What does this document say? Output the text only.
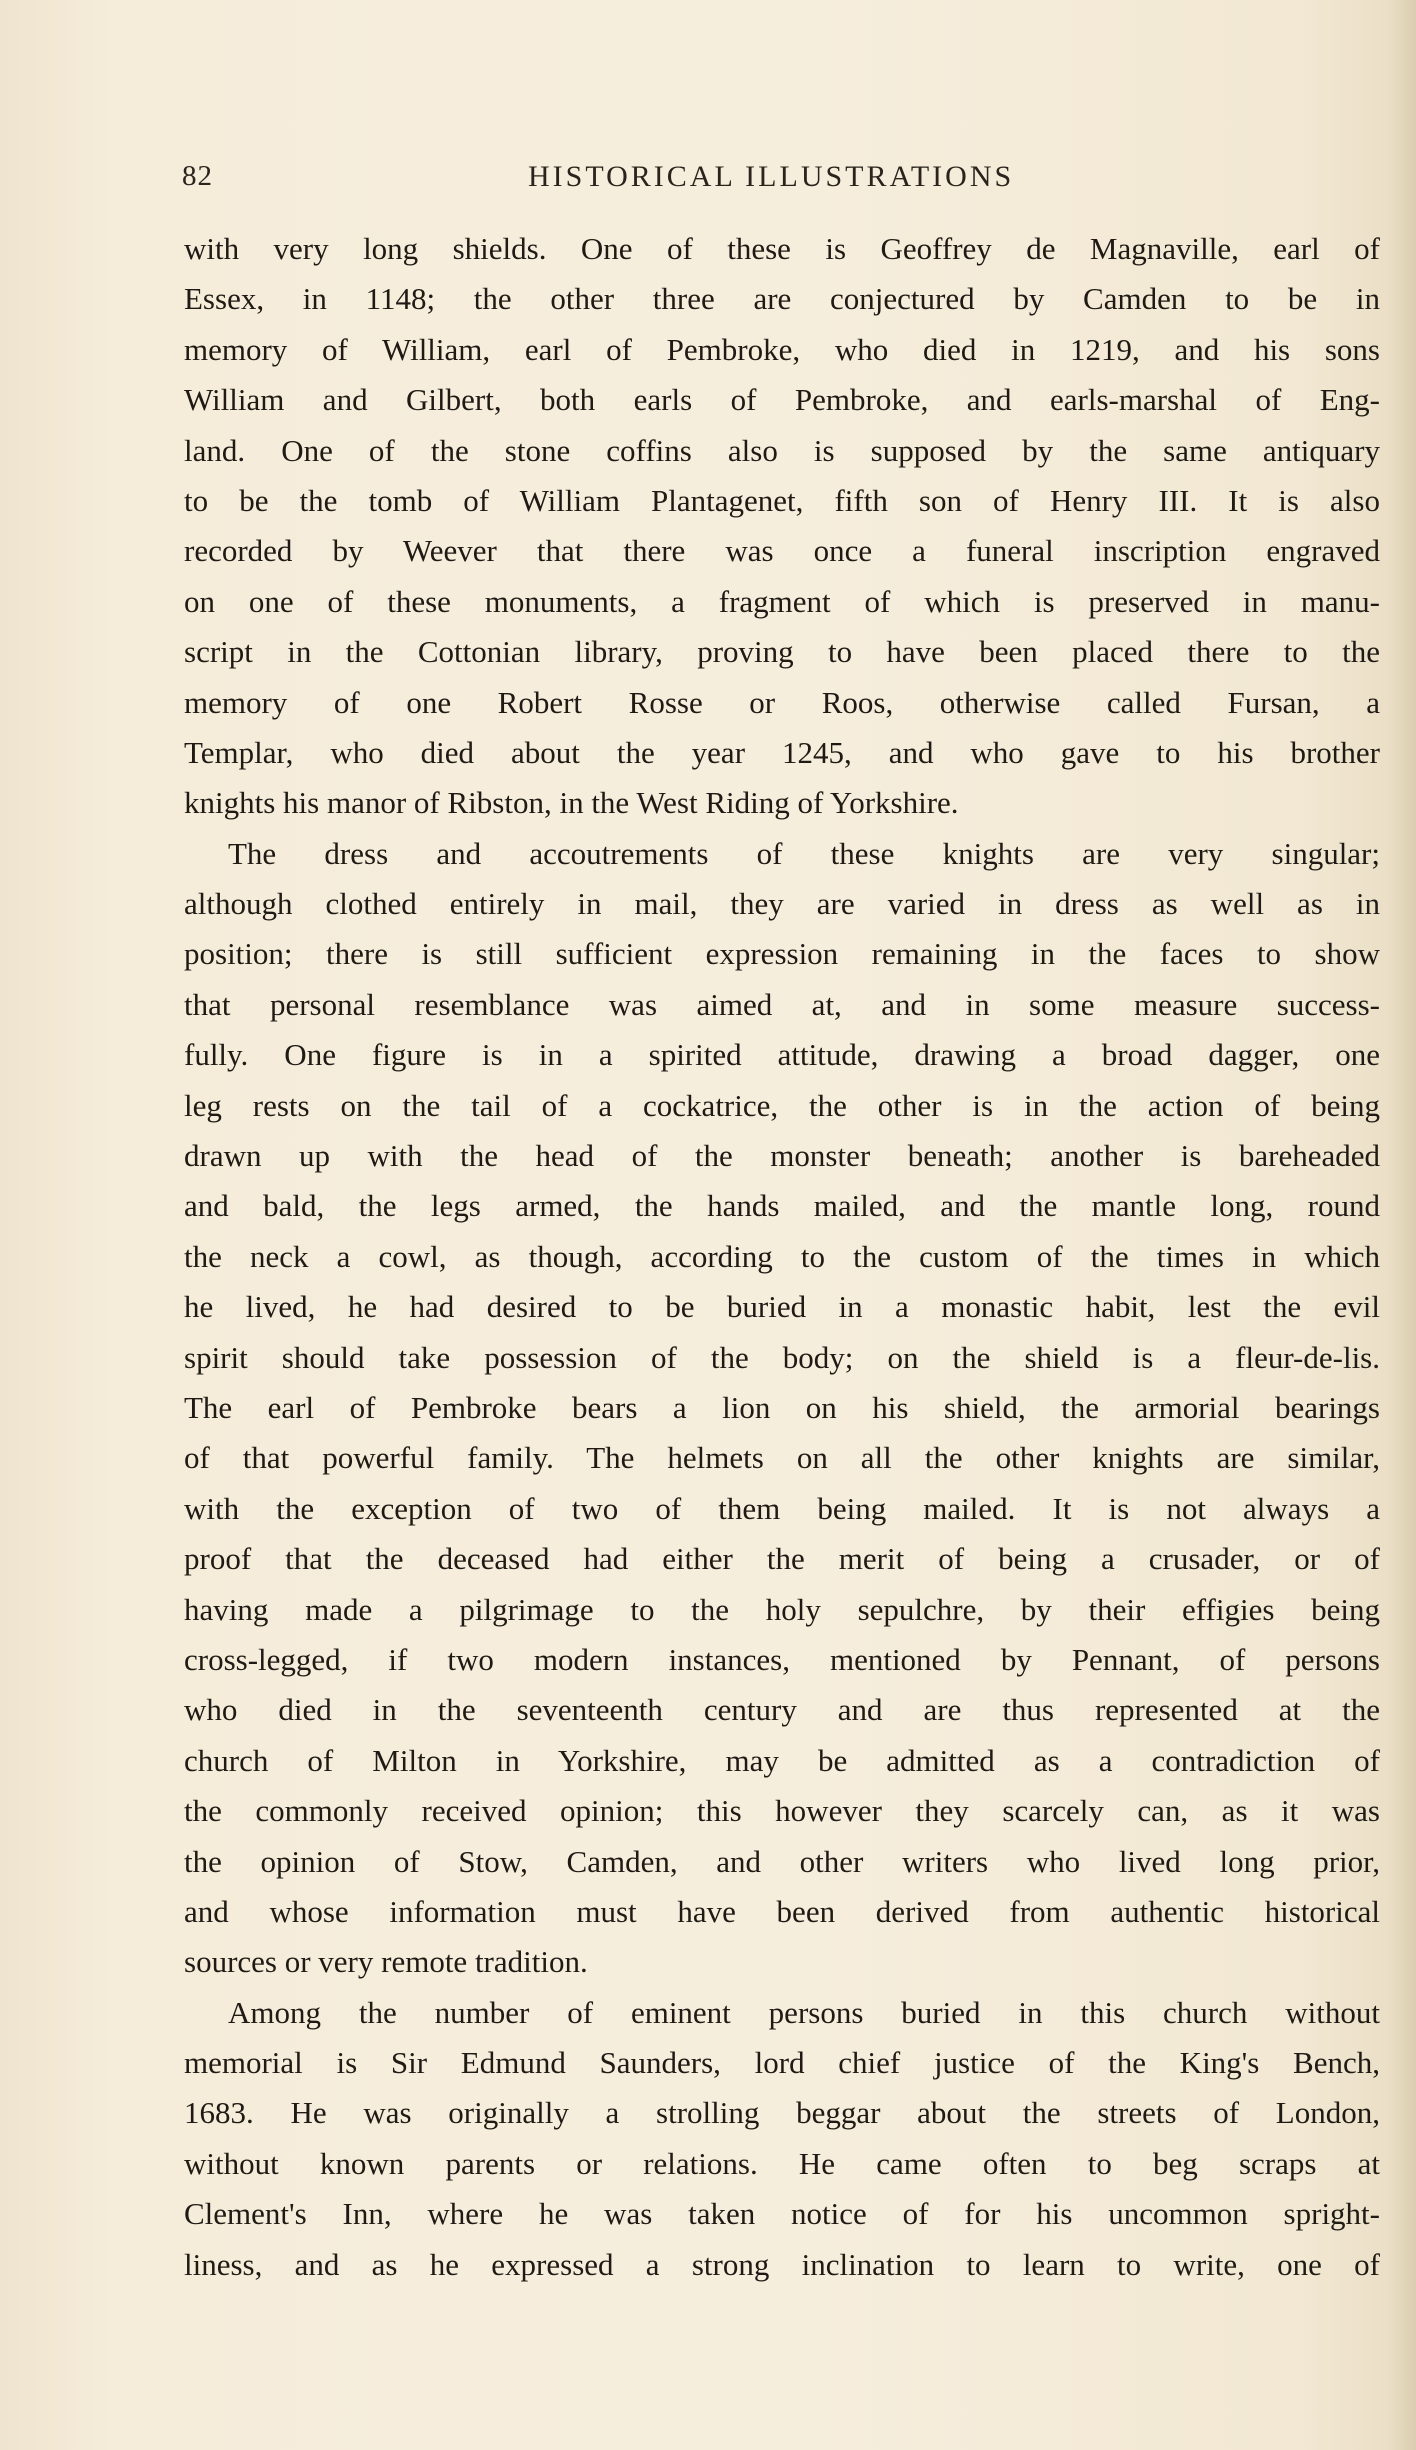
82	HISTORICAL ILLUSTRATIONS
with very long shields. One of these is Geoffrey de Magnaville, earl of
Essex, in 1148; the other three are conjectured by Camden to be in
memory of William, earl of Pembroke, who died in 1219, and his sons
William and Gilbert, both earls of Pembroke, and earls-marshal of Eng-
land. One of the stone coffins also is supposed by the same antiquary
to be the tomb of William Plantagenet, fifth son of Henry III. It is also
recorded by Weever that there was once a funeral inscription engraved
on one of these monuments, a fragment of which is preserved in manu-
script in the Cottonian library, proving to have been placed there to the
memory of one Robert Rosse or Roos, otherwise called Fursan, a
Templar, who died about the year 1245, and who gave to his brother
knights his manor of Ribston, in the West Riding of Yorkshire.
The dress and accoutrements of these knights are very singular;
although clothed entirely in mail, they are varied in dress as well as in
position; there is still sufficient expression remaining in the faces to show
that personal resemblance was aimed at, and in some measure success-
fully. One figure is in a spirited attitude, drawing a broad dagger, one
leg rests on the tail of a cockatrice, the other is in the action of being
drawn up with the head of the monster beneath; another is bareheaded
and bald, the legs armed, the hands mailed, and the mantle long, round
the neck a cowl, as though, according to the custom of the times in which
he lived, he had desired to be buried in a monastic habit, lest the evil
spirit should take possession of the body; on the shield is a fleur-de-lis.
The earl of Pembroke bears a lion on his shield, the armorial bearings
of that powerful family. The helmets on all the other knights are similar,
with the exception of two of them being mailed. It is not always a
proof that the deceased had either the merit of being a crusader, or of
having made a pilgrimage to the holy sepulchre, by their effigies being
cross-legged, if two modern instances, mentioned by Pennant, of persons
who died in the seventeenth century and are thus represented at the
church of Milton in Yorkshire, may be admitted as a contradiction of
the commonly received opinion; this however they scarcely can, as it was
the opinion of Stow, Camden, and other writers who lived long prior,
and whose information must have been derived from authentic historical
sources or very remote tradition.
Among the number of eminent persons buried in this church without
memorial is Sir Edmund Saunders, lord chief justice of the King's Bench,
1683. He was originally a strolling beggar about the streets of London,
without known parents or relations. He came often to beg scraps at
Clement's Inn, where he was taken notice of for his uncommon spright-
liness, and as he expressed a strong inclination to learn to write, one of
